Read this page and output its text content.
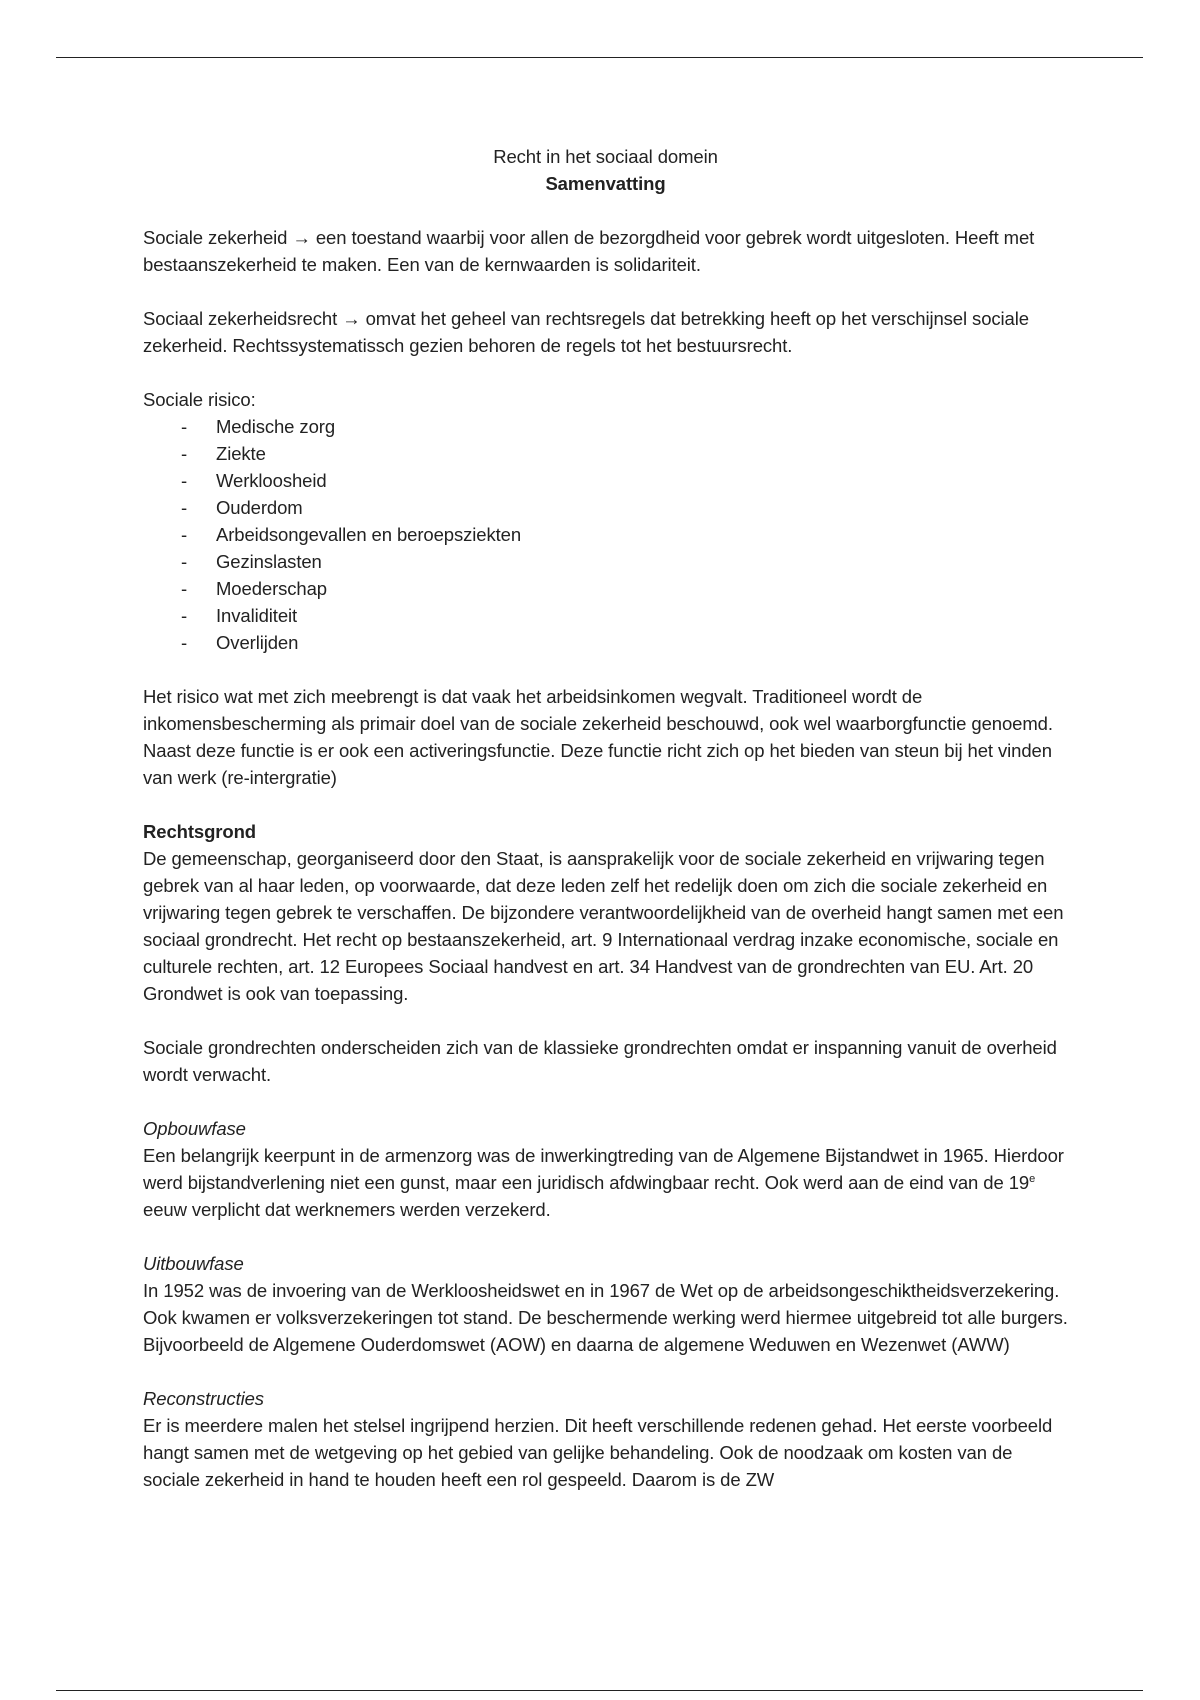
Recht in het sociaal domein

Samenvatting

Sociale zekerheid → een toestand waarbij voor allen de bezorgdheid voor gebrek wordt uitgesloten. Heeft met bestaanszekerheid te maken. Een van de kernwaarden is solidariteit.

Sociaal zekerheidsrecht → omvat het geheel van rechtsregels dat betrekking heeft op het verschijnsel sociale zekerheid. Rechtssystematissch gezien behoren de regels tot het bestuursrecht.

Sociale risico:
- Medische zorg
- Ziekte
- Werkloosheid
- Ouderdom
- Arbeidsongevallen en beroepsziekten
- Gezinslasten
- Moederschap
- Invaliditeit
- Overlijden

Het risico wat met zich meebrengt is dat vaak het arbeidsinkomen wegvalt. Traditioneel wordt de inkomensbescherming als primair doel van de sociale zekerheid beschouwd, ook wel waarborgfunctie genoemd. Naast deze functie is er ook een activeringsfunctie. Deze functie richt zich op het bieden van steun bij het vinden van werk (re-intergratie)

Rechtsgrond

De gemeenschap, georganiseerd door den Staat, is aansprakelijk voor de sociale zekerheid en vrijwaring tegen gebrek van al haar leden, op voorwaarde, dat deze leden zelf het redelijk doen om zich die sociale zekerheid en vrijwaring tegen gebrek te verschaffen. De bijzondere verantwoordelijkheid van de overheid hangt samen met een sociaal grondrecht. Het recht op bestaanszekerheid, art. 9 Internationaal verdrag inzake economische, sociale en culturele rechten, art. 12 Europees Sociaal handvest en art. 34 Handvest van de grondrechten van EU. Art. 20 Grondwet is ook van toepassing.

Sociale grondrechten onderscheiden zich van de klassieke grondrechten omdat er inspanning vanuit de overheid wordt verwacht.

Opbouwfase

Een belangrijk keerpunt in de armenzorg was de inwerkingtreding van de Algemene Bijstandwet in 1965. Hierdoor werd bijstandverlening niet een gunst, maar een juridisch afdwingbaar recht. Ook werd aan de eind van de 19e eeuw verplicht dat werknemers werden verzekerd.

Uitbouwfase

In 1952 was de invoering van de Werkloosheidswet en in 1967 de Wet op de arbeidsongeschiktheidsverzekering. Ook kwamen er volksverzekeringen tot stand. De beschermende werking werd hiermee uitgebreid tot alle burgers. Bijvoorbeeld de Algemene Ouderdomswet (AOW) en daarna de algemene Weduwen en Wezenwet (AWW)

Reconstructies

Er is meerdere malen het stelsel ingrijpend herzien. Dit heeft verschillende redenen gehad. Het eerste voorbeeld hangt samen met de wetgeving op het gebied van gelijke behandeling. Ook de noodzaak om kosten van de sociale zekerheid in hand te houden heeft een rol gespeeld. Daarom is de ZW
